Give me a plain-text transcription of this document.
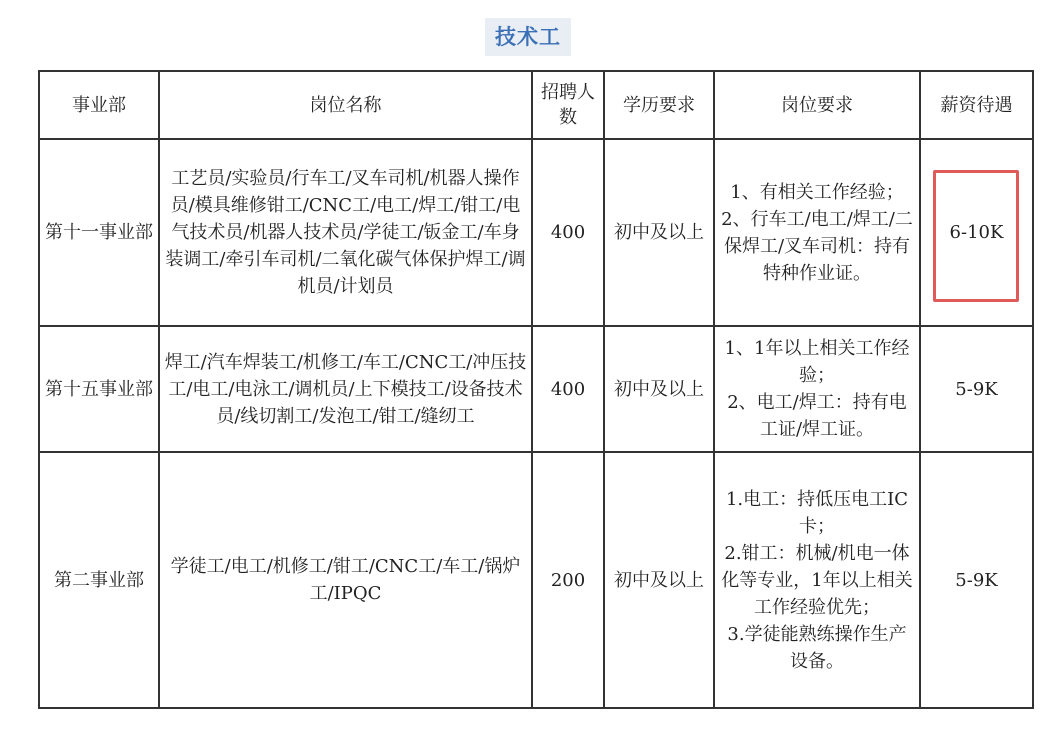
技术工
事业部	岗位名称	招聘人数	学历要求	岗位要求	薪资待遇
第十一事业部	工艺员/实验员/行车工/叉车司机/机器人操作员/模具维修钳工/CNC工/电工/焊工/钳工/电气技术员/机器人技术员/学徒工/钣金工/车身装调工/牵引车司机/二氧化碳气体保护焊工/调机员/计划员	400	初中及以上	1、有相关工作经验；
2、行车工/电工/焊工/二保焊工/叉车司机：持有特种作业证。	6-10K
第十五事业部	焊工/汽车焊装工/机修工/车工/CNC工/冲压技工/电工/电泳工/调机员/上下模技工/设备技术员/线切割工/发泡工/钳工/缝纫工	400	初中及以上	1、1年以上相关工作经验；
2、电工/焊工：持有电工证/焊工证。	5-9K
第二事业部	学徒工/电工/机修工/钳工/CNC工/车工/锅炉工/IPQC	200	初中及以上	1.电工：持低压电工IC卡；
2.钳工：机械/机电一体化等专业，1年以上相关工作经验优先；
3.学徒能熟练操作生产设备。	5-9K
